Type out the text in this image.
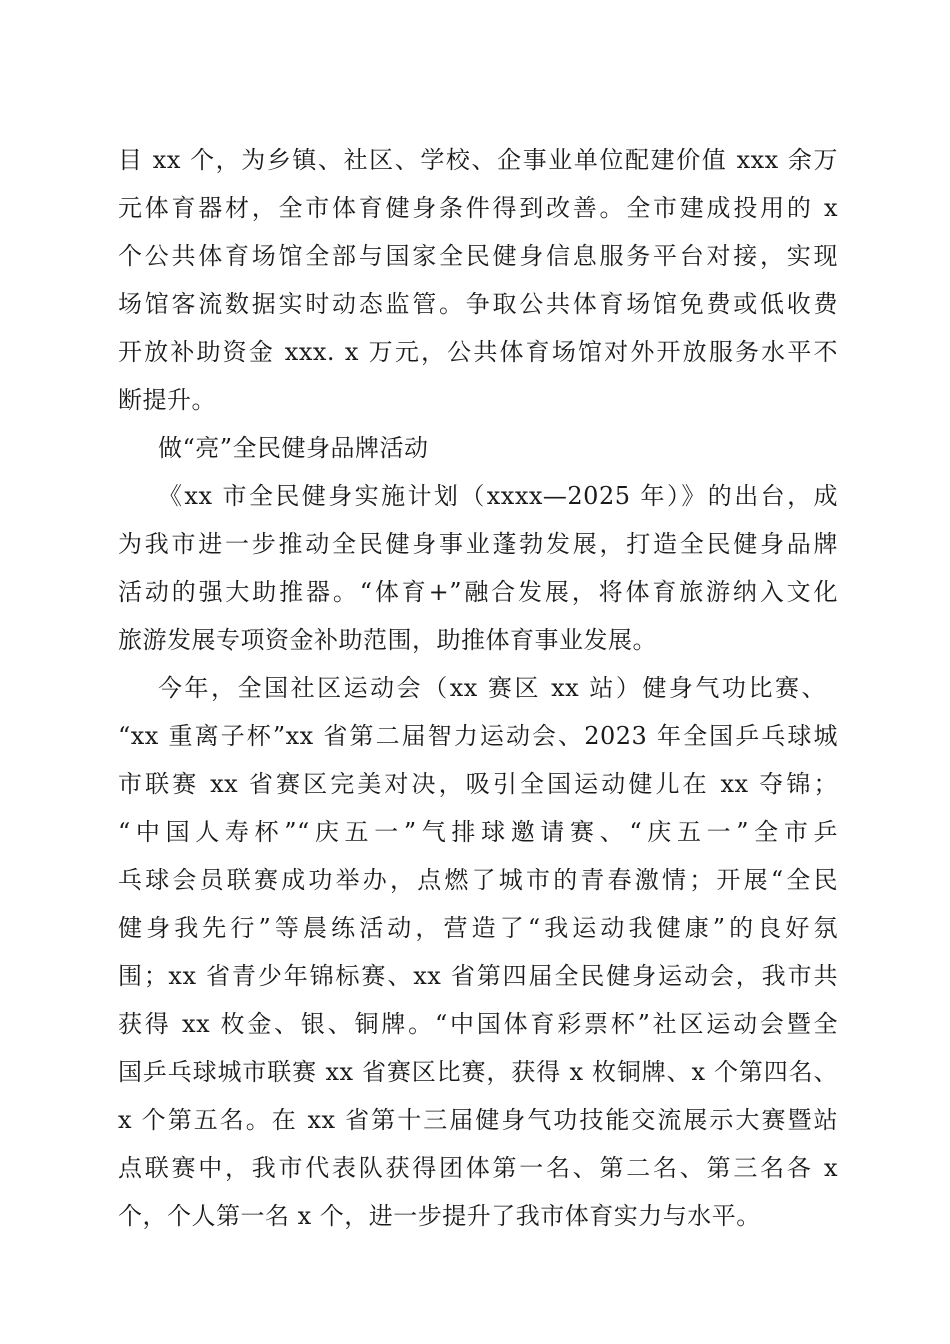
目 xx 个，为乡镇、社区、学校、企事业单位配建价值 xxx 余万
元体育器材，全市体育健身条件得到改善。全市建成投用的 x
个公共体育场馆全部与国家全民健身信息服务平台对接，实现
场馆客流数据实时动态监管。争取公共体育场馆免费或低收费
开放补助资金 xxx. x 万元，公共体育场馆对外开放服务水平不
断提升。
做“亮”全民健身品牌活动
《xx 市全民健身实施计划（xxxx—2025 年）》的出台，成
为我市进一步推动全民健身事业蓬勃发展，打造全民健身品牌
活动的强大助推器。“体育+”融合发展，将体育旅游纳入文化
旅游发展专项资金补助范围，助推体育事业发展。
今年，全国社区运动会（xx 赛区 xx 站）健身气功比赛、
“xx 重离子杯”xx 省第二届智力运动会、2023 年全国乒乓球城
市联赛 xx 省赛区完美对决，吸引全国运动健儿在 xx 夺锦；
“中国人寿杯”“庆五一”气排球邀请赛、“庆五一”全市乒
乓球会员联赛成功举办，点燃了城市的青春激情；开展“全民
健身我先行”等晨练活动，营造了“我运动我健康”的良好氛
围；xx 省青少年锦标赛、xx 省第四届全民健身运动会，我市共
获得 xx 枚金、银、铜牌。“中国体育彩票杯”社区运动会暨全
国乒乓球城市联赛 xx 省赛区比赛，获得 x 枚铜牌、x 个第四名、
x 个第五名。在 xx 省第十三届健身气功技能交流展示大赛暨站
点联赛中，我市代表队获得团体第一名、第二名、第三名各 x
个，个人第一名 x 个，进一步提升了我市体育实力与水平。
